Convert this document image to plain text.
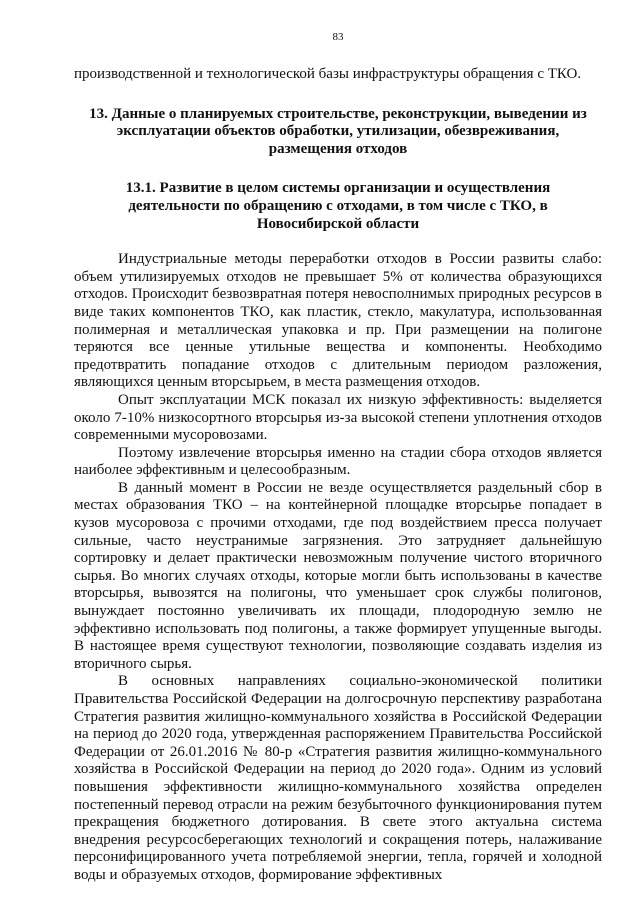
83

производственной и технологической базы инфраструктуры обращения с ТКО.

13. Данные о планируемых строительстве, реконструкции, выведении из эксплуатации объектов обработки, утилизации, обезвреживания, размещения отходов
13.1. Развитие в целом системы организации и осуществления деятельности по обращению с отходами, в том числе с ТКО, в Новосибирской области

Индустриальные методы переработки отходов в России развиты слабо: объем утилизируемых отходов не превышает 5% от количества образующихся отходов. Происходит безвозвратная потеря невосполнимых природных ресурсов в виде таких компонентов ТКО, как пластик, стекло, макулатура, использованная полимерная и металлическая упаковка и пр. При размещении на полигоне теряются все ценные утильные вещества и компоненты. Необходимо предотвратить попадание отходов с длительным периодом разложения, являющихся ценным вторсырьем, в места размещения отходов.

Опыт эксплуатации МСК показал их низкую эффективность: выделяется около 7-10% низкосортного вторсырья из-за высокой степени уплотнения отходов современными мусоровозами.

Поэтому извлечение вторсырья именно на стадии сбора отходов является наиболее эффективным и целесообразным.

В данный момент в России не везде осуществляется раздельный сбор в местах образования ТКО – на контейнерной площадке вторсырье попадает в кузов мусоровоза с прочими отходами, где под воздействием пресса получает сильные, часто неустранимые загрязнения. Это затрудняет дальнейшую сортировку и делает практически невозможным получение чистого вторичного сырья. Во многих случаях отходы, которые могли быть использованы в качестве вторсырья, вывозятся на полигоны, что уменьшает срок службы полигонов, вынуждает постоянно увеличивать их площади, плодородную землю не эффективно использовать под полигоны, а также формирует упущенные выгоды. В настоящее время существуют технологии, позволяющие создавать изделия из вторичного сырья.

В основных направлениях социально-экономической политики Правительства Российской Федерации на долгосрочную перспективу разработана Стратегия развития жилищно-коммунального хозяйства в Российской Федерации на период до 2020 года, утвержденная распоряжением Правительства Российской Федерации от 26.01.2016 № 80-р «Стратегия развития жилищно-коммунального хозяйства в Российской Федерации на период до 2020 года». Одним из условий повышения эффективности жилищно-коммунального хозяйства определен постепенный перевод отрасли на режим безубыточного функционирования путем прекращения бюджетного дотирования. В свете этого актуальна система внедрения ресурсосберегающих технологий и сокращения потерь, налаживание персонифицированного учета потребляемой энергии, тепла, горячей и холодной воды и образуемых отходов, формирование эффективных
